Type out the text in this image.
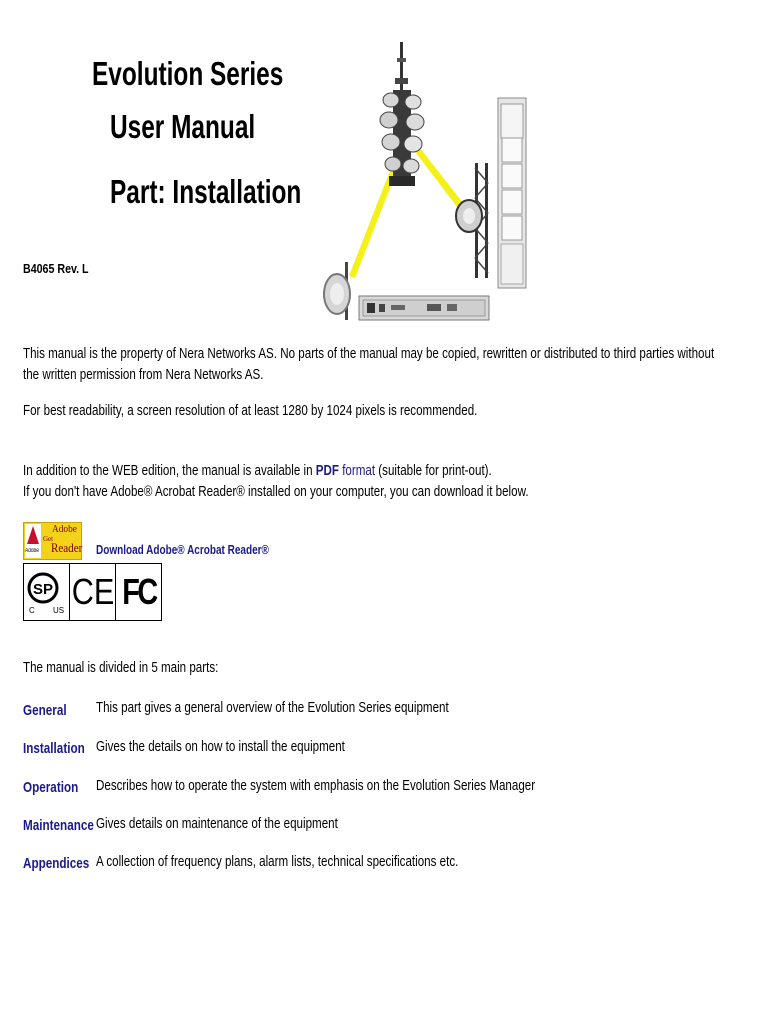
Evolution Series
User Manual
Part: Installation
B4065 Rev. L
This manual is the property of Nera Networks AS. No parts of the manual may be copied, rewritten or distributed to third parties without the written permission from Nera Networks AS.
For best readability, a screen resolution of at least 1280 by 1024 pixels is recommended.
In addition to the WEB edition, the manual is available in PDF format (suitable for print-out).
If you don't have Adobe® Acrobat Reader® installed on your computer, you can download it below.
Adobe
Get
Adobe
Reader Download Adobe® Acrobat Reader®
SP
C US CE FC
The manual is divided in 5 main parts:
General This part gives a general overview of the Evolution Series equipment
Installation Gives the details on how to install the equipment
Operation Describes how to operate the system with emphasis on the Evolution Series Manager
Maintenance Gives details on maintenance of the equipment
Appendices A collection of frequency plans, alarm lists, technical specifications etc.
